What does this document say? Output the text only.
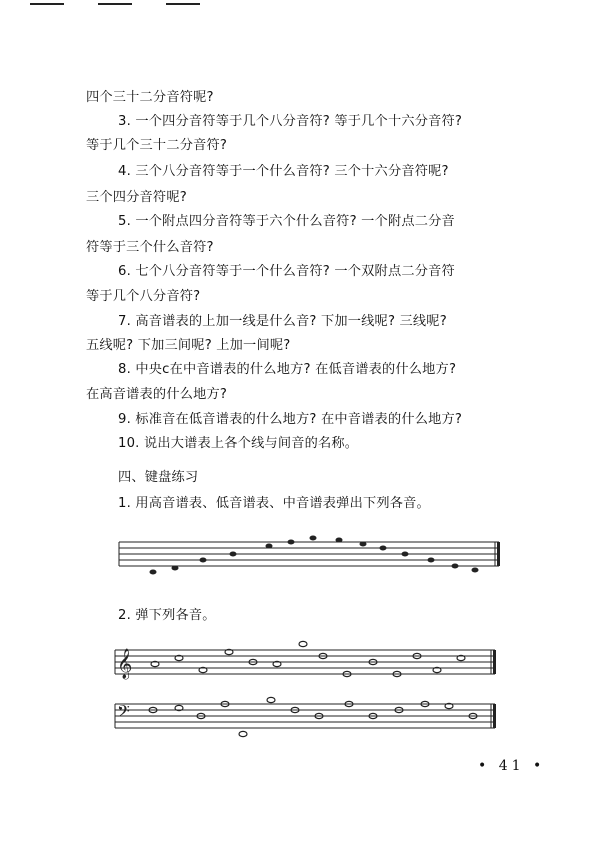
四个三十二分音符呢?
3. 一个四分音符等于几个八分音符? 等于几个十六分音符?
等于几个三十二分音符?
4. 三个八分音符等于一个什么音符? 三个十六分音符呢?
三个四分音符呢?
5. 一个附点四分音符等于六个什么音符? 一个附点二分音
符等于三个什么音符?
6. 七个八分音符等于一个什么音符? 一个双附点二分音符
等于几个八分音符?
7. 高音谱表的上加一线是什么音? 下加一线呢? 三线呢?
五线呢? 下加三间呢? 上加一间呢?
8. 中央c在中音谱表的什么地方? 在低音谱表的什么地方?
在高音谱表的什么地方?
9. 标准音在低音谱表的什么地方? 在中音谱表的什么地方?
10. 说出大谱表上各个线与间音的名称。
四、键盘练习
1. 用高音谱表、低音谱表、中音谱表弹出下列各音。
2. 弹下列各音。
𝄞
𝄢
• 41 •
